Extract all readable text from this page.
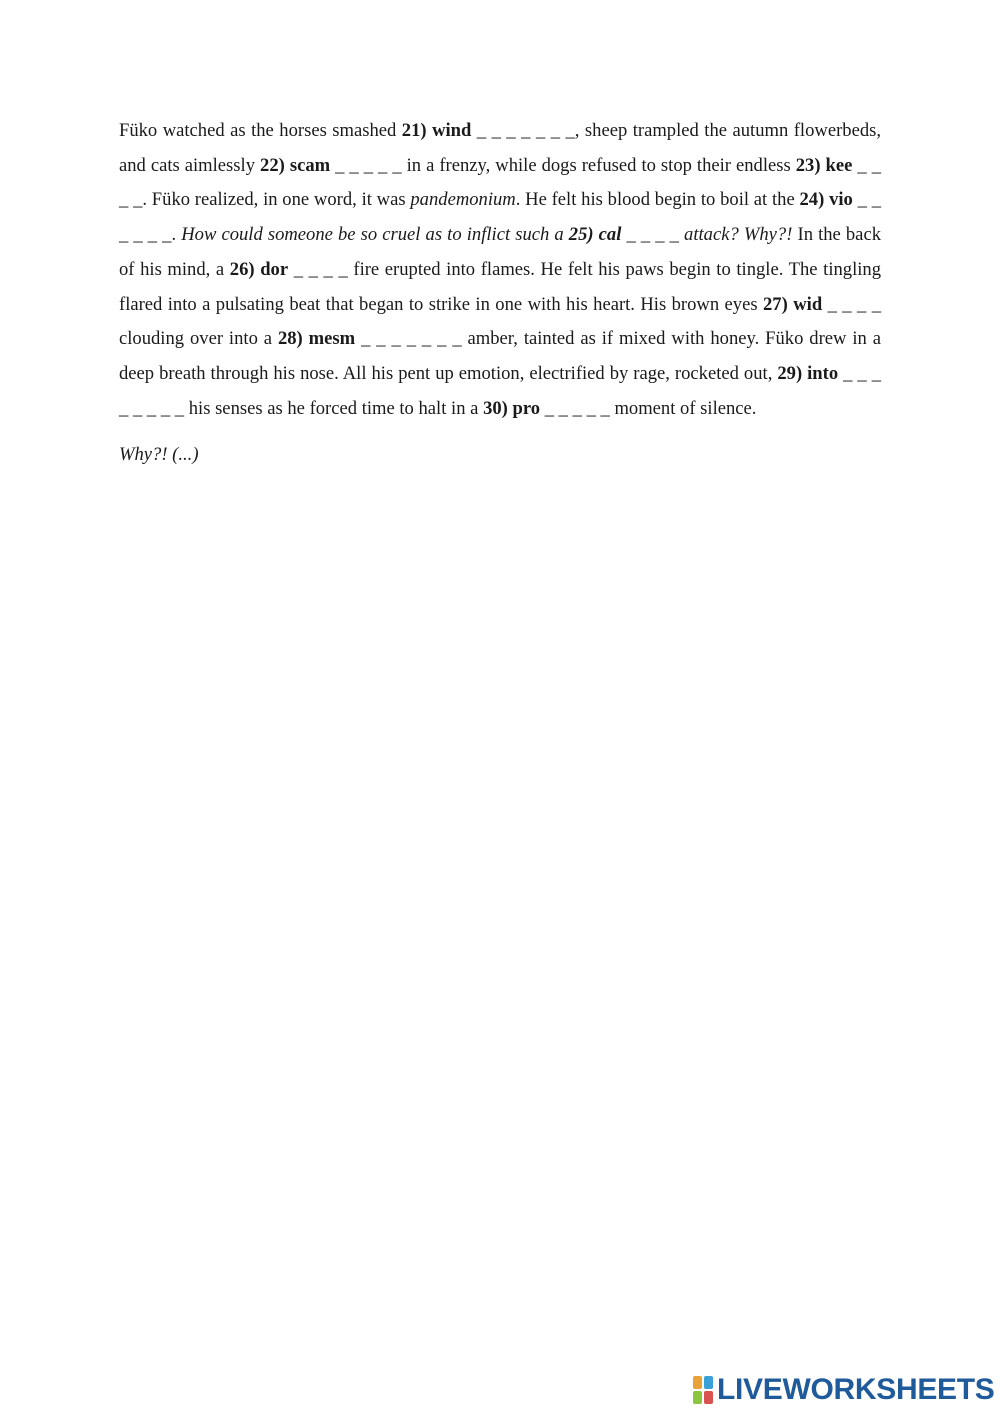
Füko watched as the horses smashed 21) wind _ _ _ _ _ _ _, sheep trampled the autumn flowerbeds, and cats aimlessly 22) scam _ _ _ _ _ in a frenzy, while dogs refused to stop their endless 23) kee _ _ _ _. Füko realized, in one word, it was pandemonium. He felt his blood begin to boil at the 24) vio _ _ _ _ _ _. How could someone be so cruel as to inflict such a 25) cal _ _ _ _ attack? Why?! In the back of his mind, a 26) dor _ _ _ _ fire erupted into flames. He felt his paws begin to tingle. The tingling flared into a pulsating beat that began to strike in one with his heart. His brown eyes 27) wid _ _ _ _ clouding over into a 28) mesm _ _ _ _ _ _ _ amber, tainted as if mixed with honey. Füko drew in a deep breath through his nose. All his pent up emotion, electrified by rage, rocketed out, 29) into _ _ _ _ _ _ _ _ his senses as he forced time to halt in a 30) pro _ _ _ _ _ moment of silence.

Why?! (...)

LIVEWORKSHEETS
